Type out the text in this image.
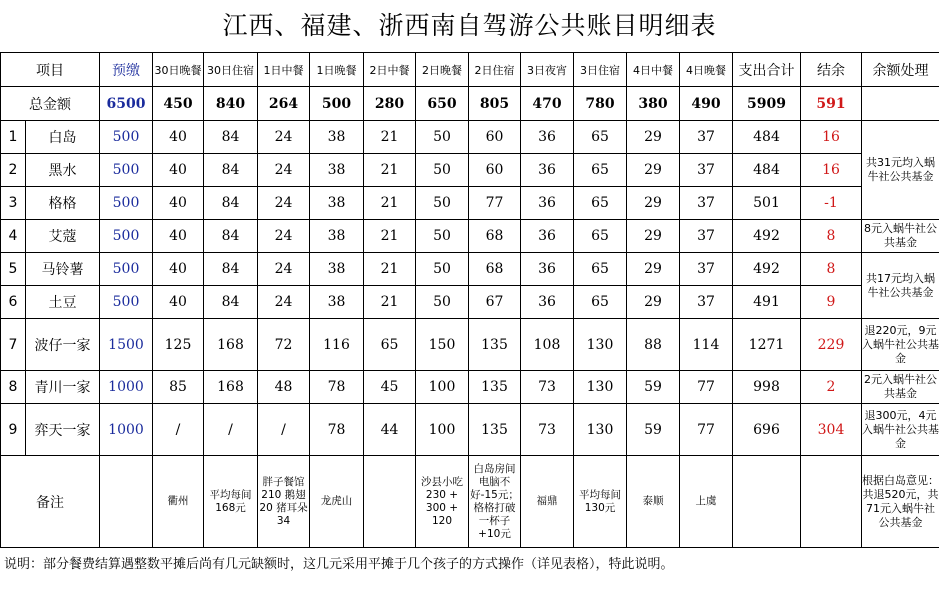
江西、福建、浙西南自驾游公共账目明细表
项目		预缴	30日晚餐	30日住宿	1日中餐	1日晚餐	2日中餐	2日晚餐	2日住宿	3日夜宵	3日住宿	4日中餐	4日晚餐	支出合计	结余	余额处理
总金额		6500	450	840	264	500	280	650	805	470	780	380	490	5909	591	
1	白岛	500	40	84	24	38	21	50	60	36	65	29	37	484	16	共31元均入蜗牛社公共基金
2	黑水	500	40	84	24	38	21	50	60	36	65	29	37	484	16	
3	格格	500	40	84	24	38	21	50	77	36	65	29	37	501	-1	
4	艾蔻	500	40	84	24	38	21	50	68	36	65	29	37	492	8	8元入蜗牛社公共基金
5	马铃薯	500	40	84	24	38	21	50	68	36	65	29	37	492	8	共17元均入蜗牛社公共基金
6	土豆	500	40	84	24	38	21	50	67	36	65	29	37	491	9	
7	波仔一家	1500	125	168	72	116	65	150	135	108	130	88	114	1271	229	退220元，9元入蜗牛社公共基金
8	青川一家	1000	85	168	48	78	45	100	135	73	130	59	77	998	2	2元入蜗牛社公共基金
9	弈天一家	1000	/	/	/	78	44	100	135	73	130	59	77	696	304	退300元，4元入蜗牛社公共基金
备注			衢州	平均每间168元	胖子餐馆210 鹅翅20 猪耳朵34	龙虎山		沙县小吃 230 + 300 + 120	白岛房间电脑不好-15元；格格打破一杯子+10元	福鼎	平均每间130元	泰顺	上虞			根据白岛意见：共退520元，共71元入蜗牛社公共基金
说明：部分餐费结算遇整数平摊后尚有几元缺额时，这几元采用平摊于几个孩子的方式操作（详见表格），特此说明。
